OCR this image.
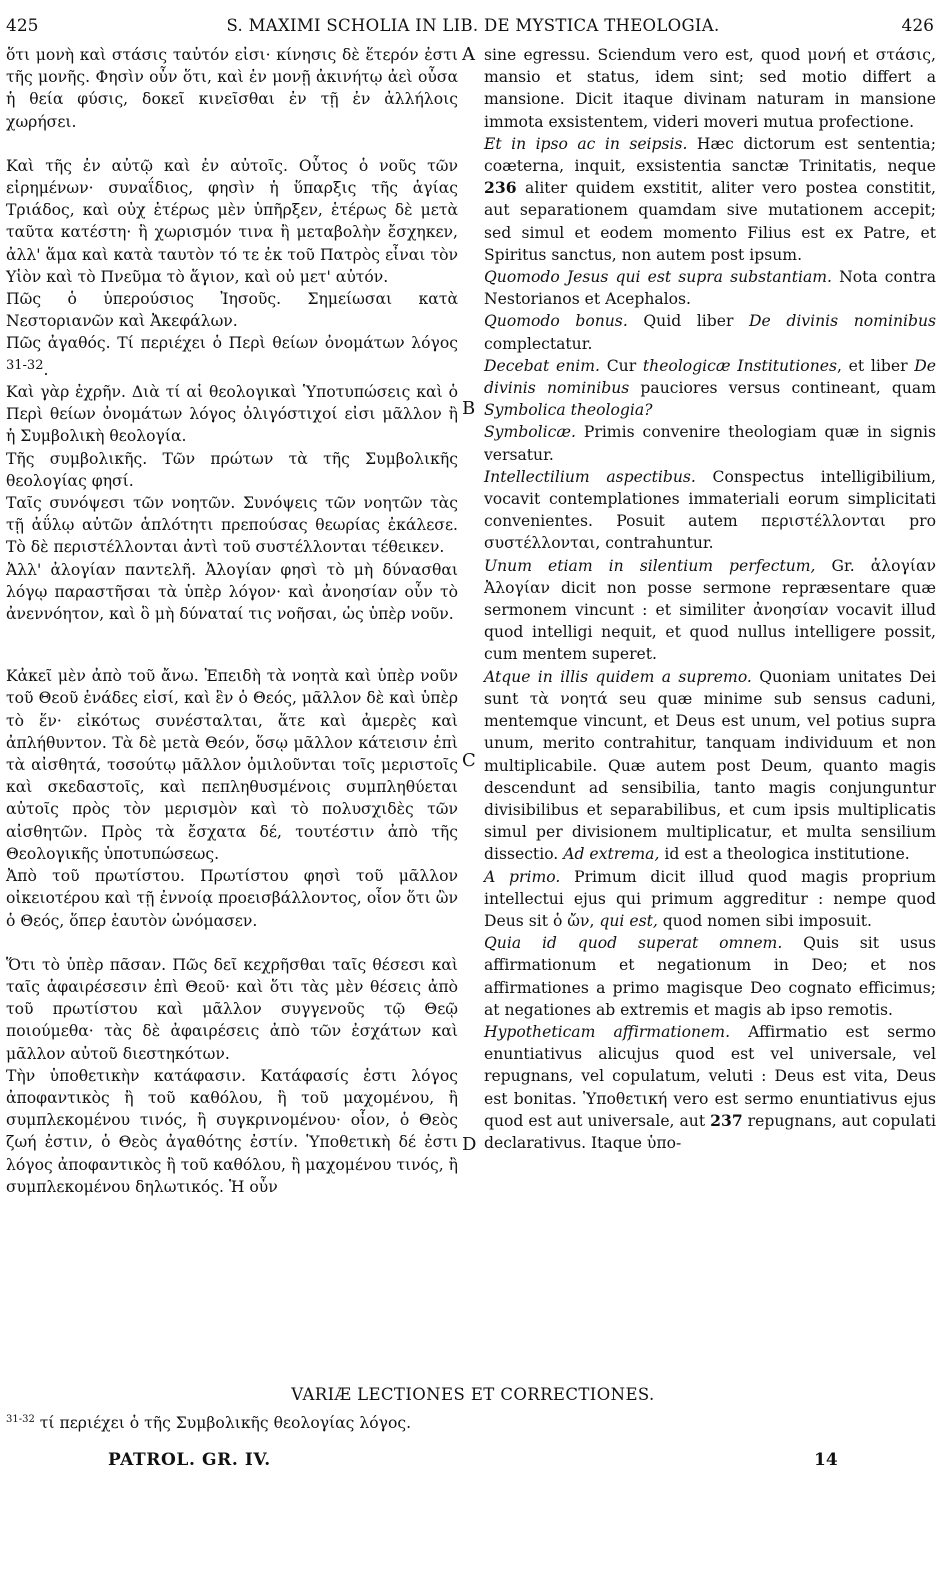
425	S. MAXIMI SCHOLIA IN LIB. DE MYSTICA THEOLOGIA.	426

ὅτι μονὴ καὶ στάσις ταὐτόν εἰσι· κίνησις δὲ ἕτερόν ἐστι τῆς μονῆς. Φησὶν οὖν ὅτι, καὶ ἐν μονῇ ἀκινήτῳ ἀεὶ οὖσα ἡ θεία φύσις, δοκεῖ κινεῖσθαι ἐν τῇ ἐν ἀλλήλοις χωρήσει.

Καὶ τῆς ἐν αὐτῷ καὶ ἐν αὐτοῖς. Οὗτος ὁ νοῦς τῶν εἰρημένων· συναΐδιος, φησὶν ἡ ὕπαρξις τῆς ἁγίας Τριάδος, καὶ οὐχ ἑτέρως μὲν ὑπῆρξεν, ἑτέρως δὲ μετὰ ταῦτα κατέστη· ἢ χωρισμόν τινα ἢ μεταβολὴν ἔσχηκεν, ἀλλ' ἅμα καὶ κατὰ ταυτὸν τό τε ἐκ τοῦ Πατρὸς εἶναι τὸν Υἱὸν καὶ τὸ Πνεῦμα τὸ ἅγιον, καὶ οὐ μετ' αὐτόν.

Πῶς ὁ ὑπερούσιος Ἰησοῦς. Σημείωσαι κατὰ Νεστοριανῶν καὶ Ἀκεφάλων.

Πῶς ἀγαθός. Τί περιέχει ὁ Περὶ θείων ὀνομάτων λόγος $^{31-32}$.

Καὶ γὰρ ἐχρῆν. Διὰ τί αἱ θεολογικαὶ Ὑποτυπώσεις καὶ ὁ Περὶ θείων ὀνομάτων λόγος ὀλιγόστιχοί εἰσι μᾶλλον ἢ ἡ Συμβολικὴ θεολογία.

Τῆς συμβολικῆς. Τῶν πρώτων τὰ τῆς Συμβολικῆς θεολογίας φησί.

Ταῖς συνόψεσι τῶν νοητῶν. Συνόψεις τῶν νοητῶν τὰς τῇ ἀΰλῳ αὐτῶν ἁπλότητι πρεπούσας θεωρίας ἐκάλεσε. Τὸ δὲ περιστέλλονται ἀντὶ τοῦ συστέλλονται τέθεικεν.

Ἀλλ' ἀλογίαν παντελῆ. Ἀλογίαν φησὶ τὸ μὴ δύνασθαι λόγῳ παραστῆσαι τὰ ὑπὲρ λόγον· καὶ ἀνοησίαν οὖν τὸ ἀνεννόητον, καὶ ὃ μὴ δύναταί τις νοῆσαι, ὡς ὑπὲρ νοῦν.

Κἀκεῖ μὲν ἀπὸ τοῦ ἄνω. Ἐπειδὴ τὰ νοητὰ καὶ ὑπὲρ νοῦν τοῦ Θεοῦ ἑνάδες εἰσί, καὶ ἓν ὁ Θεός, μᾶλλον δὲ καὶ ὑπὲρ τὸ ἕν· εἰκότως συνέσταλται, ἅτε καὶ ἀμερὲς καὶ ἀπλήθυντον. Τὰ δὲ μετὰ Θεόν, ὅσῳ μᾶλλον κάτεισιν ἐπὶ τὰ αἰσθητά, τοσούτῳ μᾶλλον ὁμιλοῦνται τοῖς μεριστοῖς καὶ σκεδαστοῖς, καὶ πεπληθυσμένοις συμπληθύεται αὐτοῖς πρὸς τὸν μερισμὸν καὶ τὸ πολυσχιδὲς τῶν αἰσθητῶν. Πρὸς τὰ ἔσχατα δέ, τουτέστιν ἀπὸ τῆς Θεολογικῆς ὑποτυπώσεως.

Ἀπὸ τοῦ πρωτίστου. Πρωτίστου φησὶ τοῦ μᾶλλον οἰκειοτέρου καὶ τῇ ἐννοίᾳ προεισβάλλοντος, οἷον ὅτι ὢν ὁ Θεός, ὅπερ ἑαυτὸν ὠνόμασεν.

Ὅτι τὸ ὑπὲρ πᾶσαν. Πῶς δεῖ κεχρῆσθαι ταῖς θέσεσι καὶ ταῖς ἀφαιρέσεσιν ἐπὶ Θεοῦ· καὶ ὅτι τὰς μὲν θέσεις ἀπὸ τοῦ πρωτίστου καὶ μᾶλλον συγγενοῦς τῷ Θεῷ ποιούμεθα· τὰς δὲ ἀφαιρέσεις ἀπὸ τῶν ἐσχάτων καὶ μᾶλλον αὐτοῦ διεστηκότων.

Τὴν ὑποθετικὴν κατάφασιν. Κατάφασίς ἐστι λόγος ἀποφαντικὸς ἢ τοῦ καθόλου, ἢ τοῦ μαχομένου, ἢ συμπλεκομένου τινός, ἢ συγκρινομένου· οἷον, ὁ Θεὸς ζωή ἐστιν, ὁ Θεὸς ἀγαθότης ἐστίν. Ὑποθετικὴ δέ ἐστι λόγος ἀποφαντικὸς ἢ τοῦ καθόλου, ἢ μαχομένου τινός, ἢ συμπλεκομένου δηλωτικός. Ἡ οὖν

A
B
C
D

sine egressu. Sciendum vero est, quod μονή et στάσις, mansio et status, idem sint; sed motio differt a mansione. Dicit itaque divinam naturam in mansione immota exsistentem, videri moveri mutua profectione.

Et in ipso ac in seipsis. Hæc dictorum est sententia; coæterna, inquit, exsistentia sanctæ Trinitatis, neque 236 aliter quidem exstitit, aliter vero postea constitit, aut separationem quamdam sive mutationem accepit; sed simul et eodem momento Filius est ex Patre, et Spiritus sanctus, non autem post ipsum.

Quomodo Jesus qui est supra substantiam. Nota contra Nestorianos et Acephalos.

Quomodo bonus. Quid liber De divinis nominibus complectatur.

Decebat enim. Cur theologicæ Institutiones, et liber De divinis nominibus pauciores versus contineant, quam Symbolica theologia?

Symbolicæ. Primis convenire theologiam quæ in signis versatur.

Intellectilium aspectibus. Conspectus intelligibilium, vocavit contemplationes immateriali eorum simplicitati convenientes. Posuit autem περιστέλλονται pro συστέλλονται, contrahuntur.

Unum etiam in silentium perfectum, Gr. ἀλογίαν Ἀλογίαν dicit non posse sermone repræsentare quæ sermonem vincunt : et similiter ἀνοησίαν vocavit illud quod intelligi nequit, et quod nullus intelligere possit, cum mentem superet.

Atque in illis quidem a supremo. Quoniam unitates Dei sunt τὰ νοητά seu quæ minime sub sensus caduni, mentemque vincunt, et Deus est unum, vel potius supra unum, merito contrahitur, tanquam individuum et non multiplicabile. Quæ autem post Deum, quanto magis descendunt ad sensibilia, tanto magis conjunguntur divisibilibus et separabilibus, et cum ipsis multiplicatis simul per divisionem multiplicatur, et multa sensilium dissectio. Ad extrema, id est a theologica institutione.

A primo. Primum dicit illud quod magis proprium intellectui ejus qui primum aggreditur : nempe quod Deus sit ὁ ὤν, qui est, quod nomen sibi imposuit.

Quia id quod superat omnem. Quis sit usus affirmationum et negationum in Deo; et nos affirmationes a primo magisque Deo cognato efficimus; at negationes ab extremis et magis ab ipso remotis.

Hypotheticam affirmationem. Affirmatio est sermo enuntiativus alicujus quod est vel universale, vel repugnans, vel copulatum, veluti : Deus est vita, Deus est bonitas. Ὑποθετική vero est sermo enuntiativus ejus quod est aut universale, aut 237 repugnans, aut copulati declarativus. Itaque ὑπο-

VARIÆ LECTIONES ET CORRECTIONES.
$^{31-32}$ τί περιέχει ὁ τῆς Συμβολικῆς θεολογίας λόγος.
PATROL. GR. IV.	14
